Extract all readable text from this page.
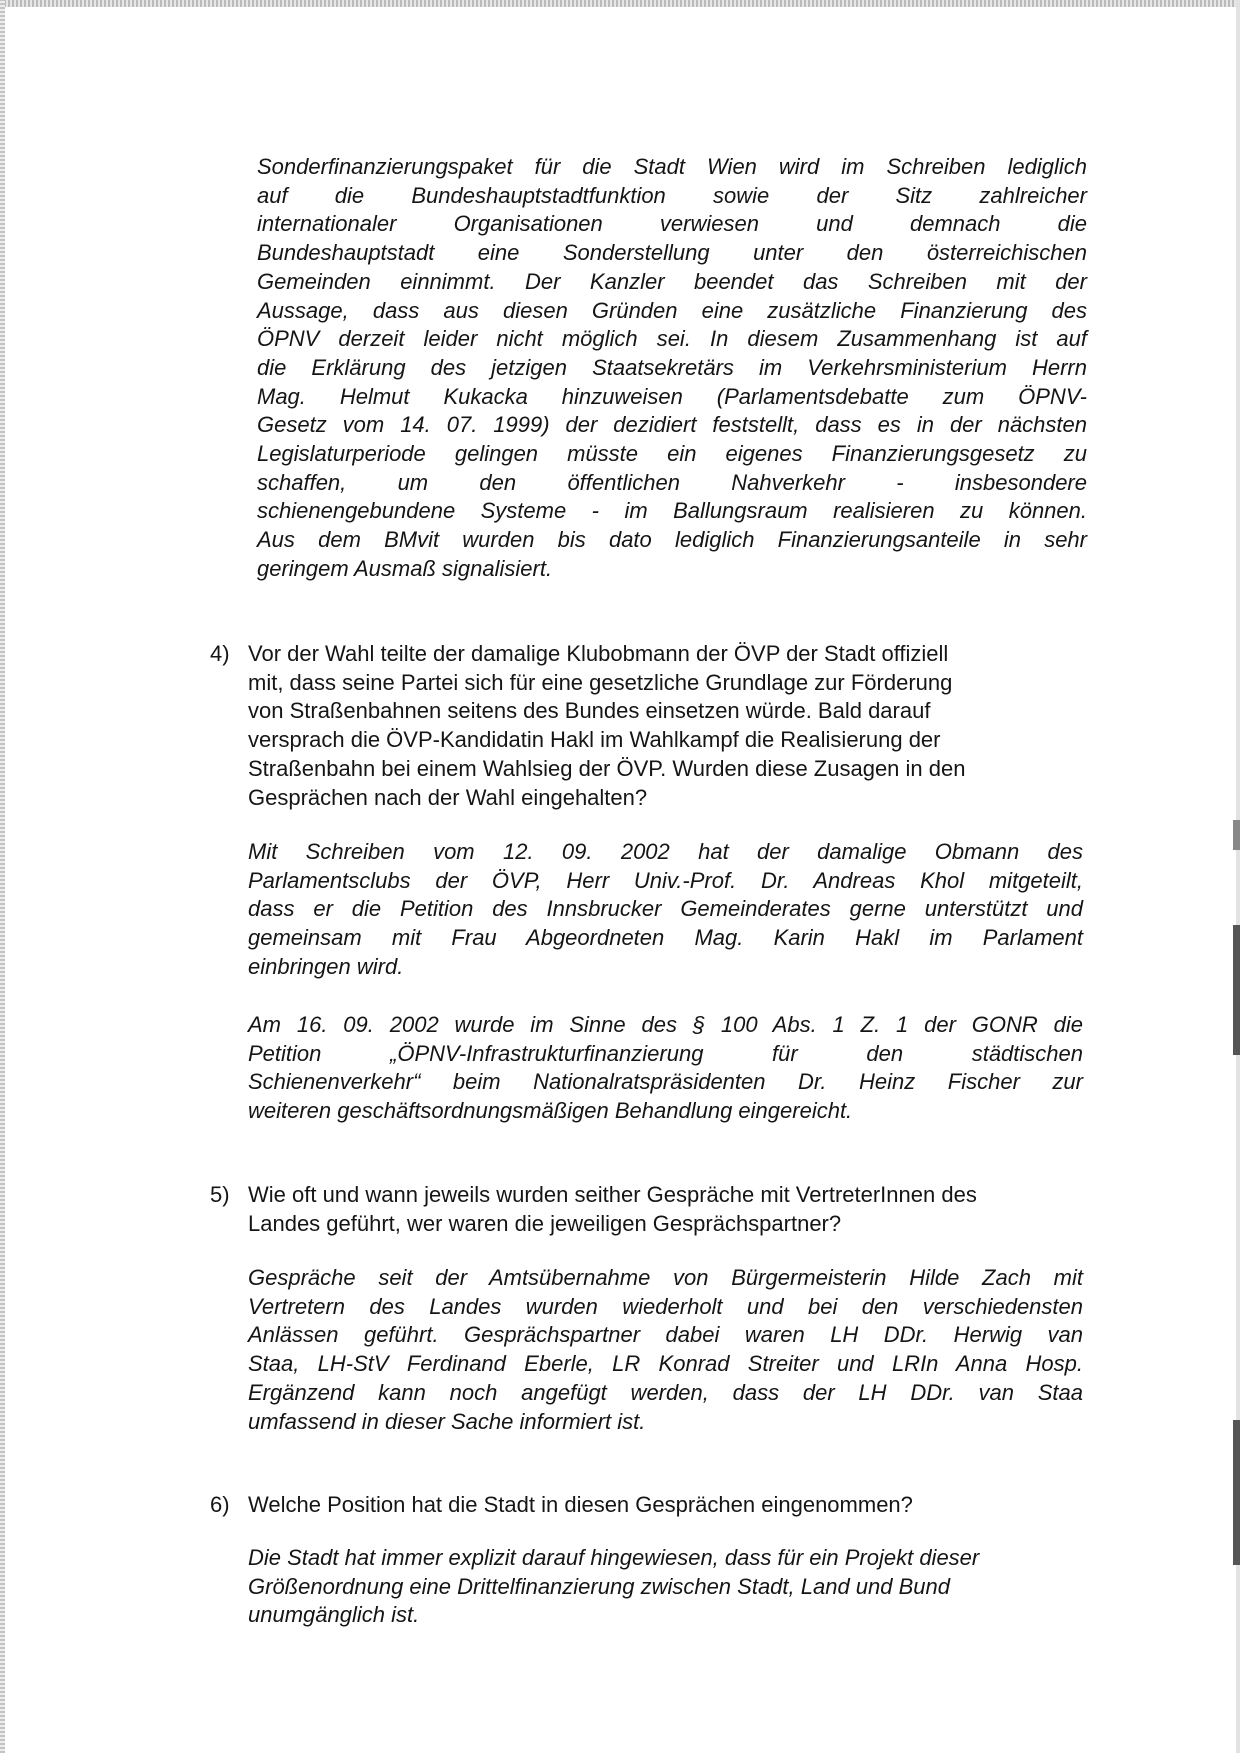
Sonderfinanzierungspaket für die Stadt Wien wird im Schreiben lediglich
auf die Bundeshauptstadtfunktion sowie der Sitz zahlreicher
internationaler Organisationen verwiesen und demnach die
Bundeshauptstadt eine Sonderstellung unter den österreichischen
Gemeinden einnimmt. Der Kanzler beendet das Schreiben mit der
Aussage, dass aus diesen Gründen eine zusätzliche Finanzierung des
ÖPNV derzeit leider nicht möglich sei. In diesem Zusammenhang ist auf
die Erklärung des jetzigen Staatsekretärs im Verkehrsministerium Herrn
Mag. Helmut Kukacka hinzuweisen (Parlamentsdebatte zum ÖPNV-
Gesetz vom 14. 07. 1999) der dezidiert feststellt, dass es in der nächsten
Legislaturperiode gelingen müsste ein eigenes Finanzierungsgesetz zu
schaffen, um den öffentlichen Nahverkehr - insbesondere
schienengebundene Systeme - im Ballungsraum realisieren zu können.
Aus dem BMvit wurden bis dato lediglich Finanzierungsanteile in sehr
geringem Ausmaß signalisiert.
4) Vor der Wahl teilte der damalige Klubobmann der ÖVP der Stadt offiziell
mit, dass seine Partei sich für eine gesetzliche Grundlage zur Förderung
von Straßenbahnen seitens des Bundes einsetzen würde. Bald darauf
versprach die ÖVP-Kandidatin Hakl im Wahlkampf die Realisierung der
Straßenbahn bei einem Wahlsieg der ÖVP. Wurden diese Zusagen in den
Gesprächen nach der Wahl eingehalten?
Mit Schreiben vom 12. 09. 2002 hat der damalige Obmann des
Parlamentsclubs der ÖVP, Herr Univ.-Prof. Dr. Andreas Khol mitgeteilt,
dass er die Petition des Innsbrucker Gemeinderates gerne unterstützt und
gemeinsam mit Frau Abgeordneten Mag. Karin Hakl im Parlament
einbringen wird.
Am 16. 09. 2002 wurde im Sinne des § 100 Abs. 1 Z. 1 der GONR die
Petition „ÖPNV-Infrastrukturfinanzierung für den städtischen
Schienenverkehr“ beim Nationalratspräsidenten Dr. Heinz Fischer zur
weiteren geschäftsordnungsmäßigen Behandlung eingereicht.
5) Wie oft und wann jeweils wurden seither Gespräche mit VertreterInnen des
Landes geführt, wer waren die jeweiligen Gesprächspartner?
Gespräche seit der Amtsübernahme von Bürgermeisterin Hilde Zach mit
Vertretern des Landes wurden wiederholt und bei den verschiedensten
Anlässen geführt. Gesprächspartner dabei waren LH DDr. Herwig van
Staa, LH-StV Ferdinand Eberle, LR Konrad Streiter und LRIn Anna Hosp.
Ergänzend kann noch angefügt werden, dass der LH DDr. van Staa
umfassend in dieser Sache informiert ist.
6) Welche Position hat die Stadt in diesen Gesprächen eingenommen?
Die Stadt hat immer explizit darauf hingewiesen, dass für ein Projekt dieser
Größenordnung eine Drittelfinanzierung zwischen Stadt, Land und Bund
unumgänglich ist.
